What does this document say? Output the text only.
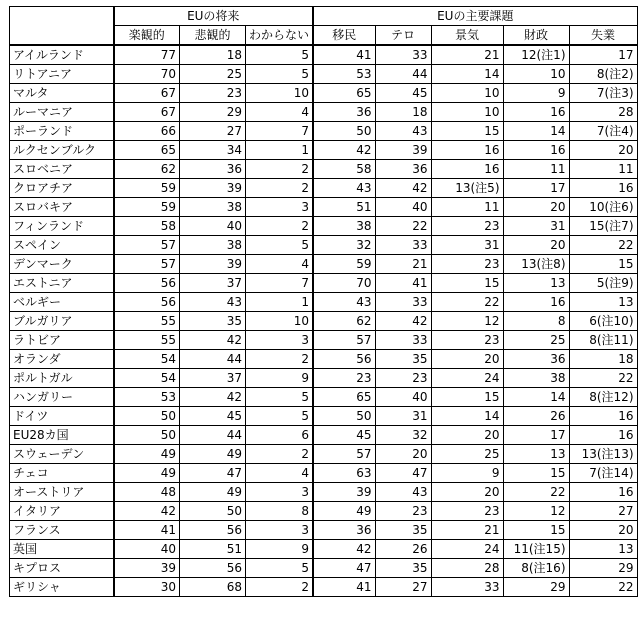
	EUの将来			EUの主要課題				
	楽観的	悲観的	わからない	移民	テロ	景気	財政	失業
アイルランド	77	18	5	41	33	21	12(注1)	17
リトアニア	70	25	5	53	44	14	10	8(注2)
マルタ	67	23	10	65	45	10	9	7(注3)
ルーマニア	67	29	4	36	18	10	16	28
ポーランド	66	27	7	50	43	15	14	7(注4)
ルクセンブルク	65	34	1	42	39	16	16	20
スロベニア	62	36	2	58	36	16	11	11
クロアチア	59	39	2	43	42	13(注5)	17	16
スロバキア	59	38	3	51	40	11	20	10(注6)
フィンランド	58	40	2	38	22	23	31	15(注7)
スペイン	57	38	5	32	33	31	20	22
デンマーク	57	39	4	59	21	23	13(注8)	15
エストニア	56	37	7	70	41	15	13	5(注9)
ベルギー	56	43	1	43	33	22	16	13
ブルガリア	55	35	10	62	42	12	8	6(注10)
ラトビア	55	42	3	57	33	23	25	8(注11)
オランダ	54	44	2	56	35	20	36	18
ポルトガル	54	37	9	23	23	24	38	22
ハンガリー	53	42	5	65	40	15	14	8(注12)
ドイツ	50	45	5	50	31	14	26	16
EU28カ国	50	44	6	45	32	20	17	16
スウェーデン	49	49	2	57	20	25	13	13(注13)
チェコ	49	47	4	63	47	9	15	7(注14)
オーストリア	48	49	3	39	43	20	22	16
イタリア	42	50	8	49	23	23	12	27
フランス	41	56	3	36	35	21	15	20
英国	40	51	9	42	26	24	11(注15)	13
キプロス	39	56	5	47	35	28	8(注16)	29
ギリシャ	30	68	2	41	27	33	29	22
